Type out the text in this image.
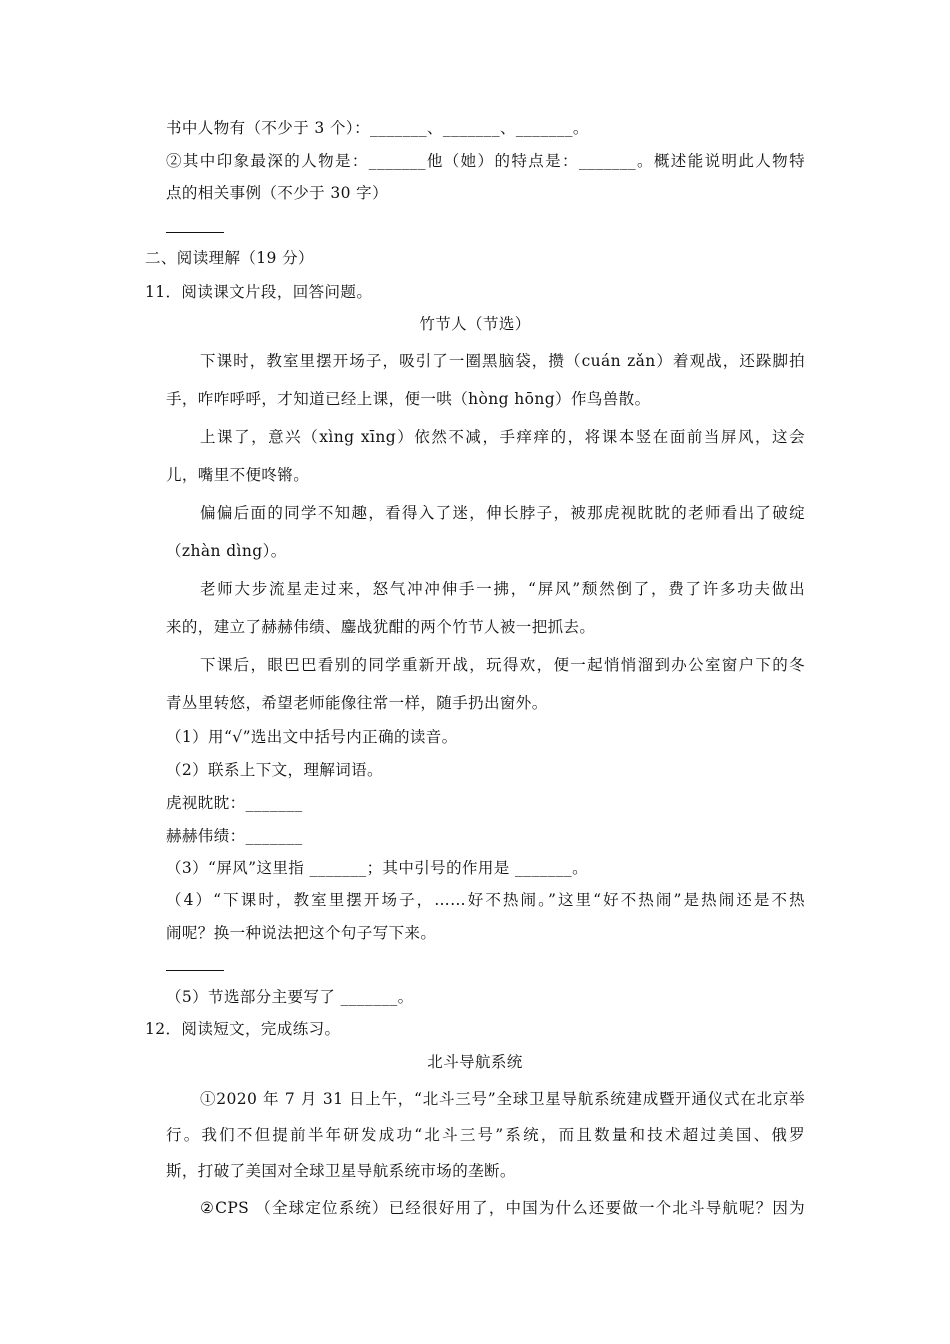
书中人物有（不少于 3 个）：_______、_______、_______。
②其中印象最深的人物是：_______他（她）的特点是：_______。概述能说明此人物特
点的相关事例（不少于 30 字）
二、阅读理解（19 分）
11．阅读课文片段，回答问题。
竹节人（节选）
下课时，教室里摆开场子，吸引了一圈黑脑袋，攒（cuán zǎn）着观战，还跺脚拍
手，咋咋呼呼，才知道已经上课，便一哄（hòng hōng）作鸟兽散。
上课了，意兴（xìng xīng）依然不减，手痒痒的，将课本竖在面前当屏风，这会
儿，嘴里不便咚锵。
偏偏后面的同学不知趣，看得入了迷，伸长脖子，被那虎视眈眈的老师看出了破绽
（zhàn dìng）。
老师大步流星走过来，怒气冲冲伸手一拂，“屏风”颓然倒了，费了许多功夫做出
来的，建立了赫赫伟绩、鏖战犹酣的两个竹节人被一把抓去。
下课后，眼巴巴看别的同学重新开战，玩得欢，便一起悄悄溜到办公室窗户下的冬
青丛里转悠，希望老师能像往常一样，随手扔出窗外。
（1）用“√”选出文中括号内正确的读音。
（2）联系上下文，理解词语。
虎视眈眈：_______
赫赫伟绩：_______
（3）“屏风”这里指 _______；其中引号的作用是 _______。
（4）“下课时，教室里摆开场子，……好不热闹。”这里“好不热闹”是热闹还是不热
闹呢？换一种说法把这个句子写下来。
（5）节选部分主要写了 _______。
12．阅读短文，完成练习。
北斗导航系统
①2020 年 7 月 31 日上午，“北斗三号”全球卫星导航系统建成暨开通仪式在北京举
行。我们不但提前半年研发成功“北斗三号”系统，而且数量和技术超过美国、俄罗
斯，打破了美国对全球卫星导航系统市场的垄断。
②CPS （全球定位系统）已经很好用了，中国为什么还要做一个北斗导航呢？因为
